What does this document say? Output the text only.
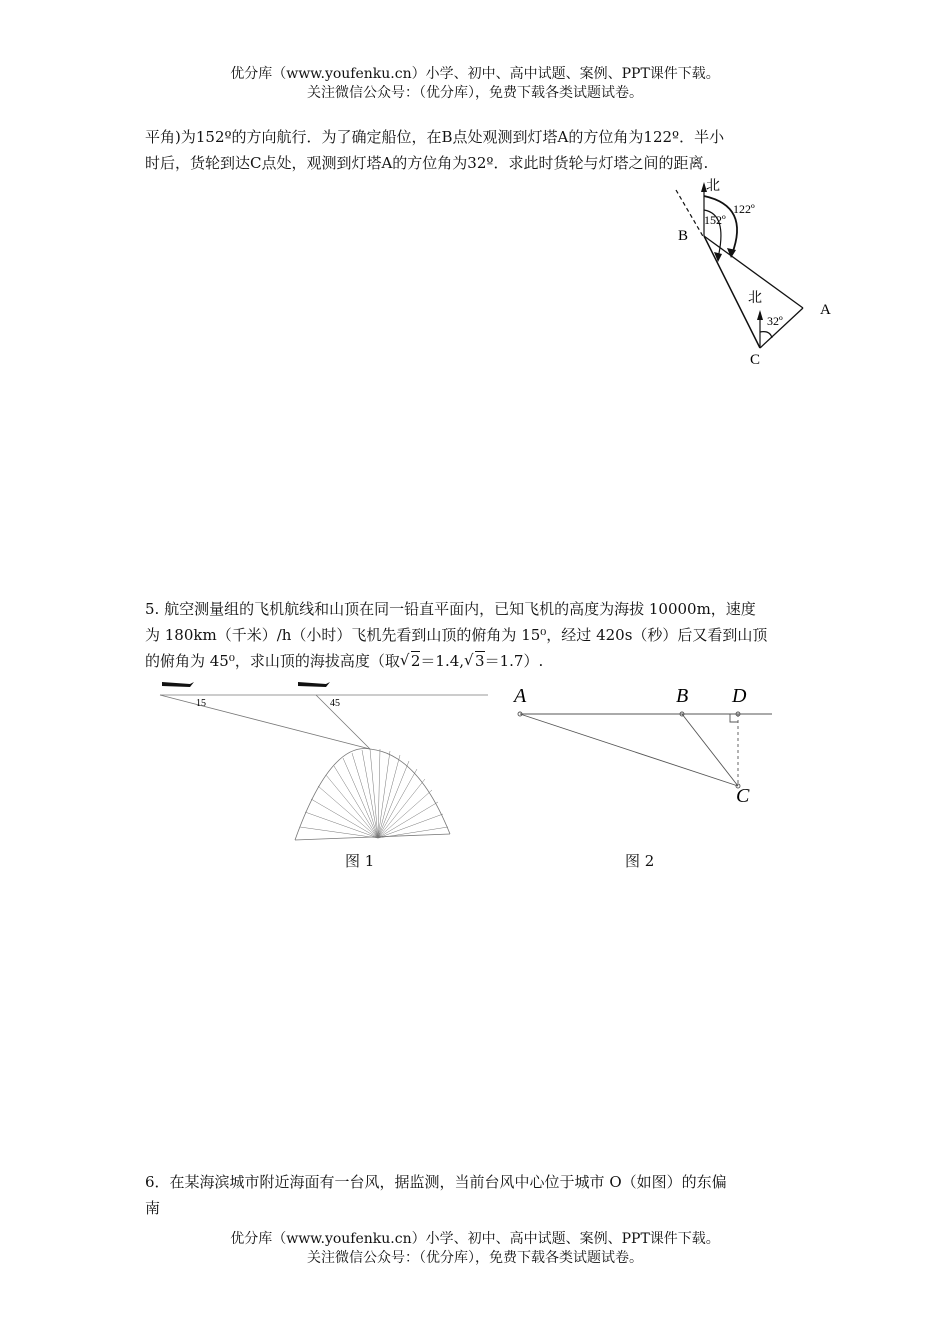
优分库（www.youfenku.cn）小学、初中、高中试题、案例、PPT课件下载。
关注微信公众号：（优分库），免费下载各类试题试卷。
平角)为152º的方向航行．为了确定船位，在B点处观测到灯塔A的方位角为122º．半小
时后，货轮到达C点处，观测到灯塔A的方位角为32º．求此时货轮与灯塔之间的距离.
北
152º
122º
B
北
A
32º
C
5. 航空测量组的飞机航线和山顶在同一铅直平面内，已知飞机的高度为海拔 10000m，速度
为 180km（千米）/h（小时）飞机先看到山顶的俯角为 15⁰，经过 420s（秒）后又看到山顶
的俯角为 45⁰，求山顶的海拔高度（取 √ 2＝1.4, √ 3＝1.7）.
15	45
图 1
A	B D
C
图 2
6．在某海滨城市附近海面有一台风，据监测，当前台风中心位于城市 O（如图）的东偏
南
优分库（www.youfenku.cn）小学、初中、高中试题、案例、PPT课件下载。
关注微信公众号：（优分库），免费下载各类试题试卷。
